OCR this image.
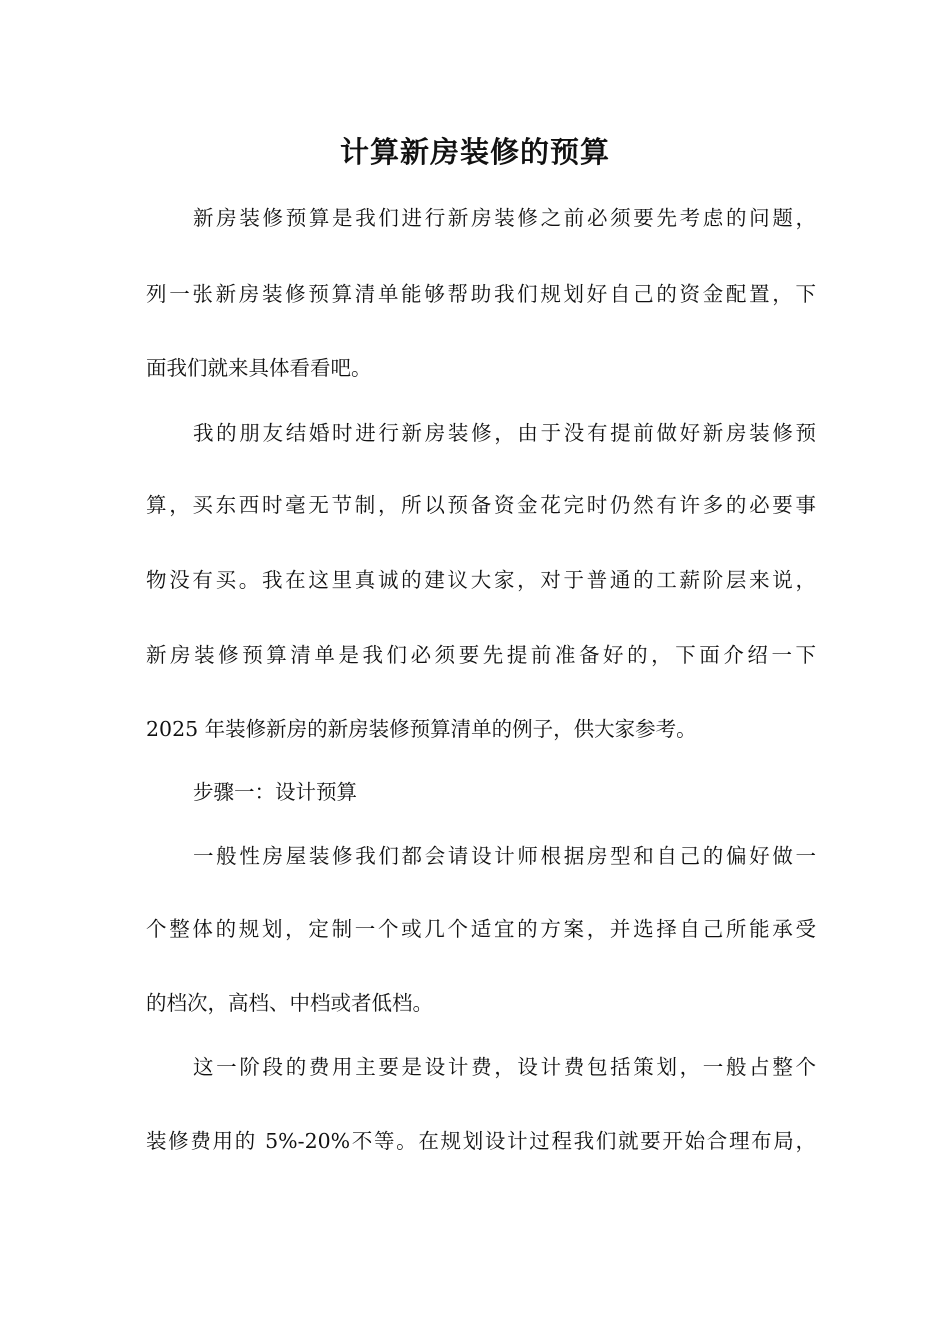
计算新房装修的预算

新房装修预算是我们进行新房装修之前必须要先考虑的问题，

列一张新房装修预算清单能够帮助我们规划好自己的资金配置，下

面我们就来具体看看吧。

我的朋友结婚时进行新房装修，由于没有提前做好新房装修预

算，买东西时毫无节制，所以预备资金花完时仍然有许多的必要事

物没有买。我在这里真诚的建议大家，对于普通的工薪阶层来说，

新房装修预算清单是我们必须要先提前准备好的，下面介绍一下

2025 年装修新房的新房装修预算清单的例子，供大家参考。

步骤一：设计预算

一般性房屋装修我们都会请设计师根据房型和自己的偏好做一

个整体的规划，定制一个或几个适宜的方案，并选择自己所能承受

的档次，高档、中档或者低档。

这一阶段的费用主要是设计费，设计费包括策划，一般占整个

装修费用的 5%-20%不等。在规划设计过程我们就要开始合理布局，
